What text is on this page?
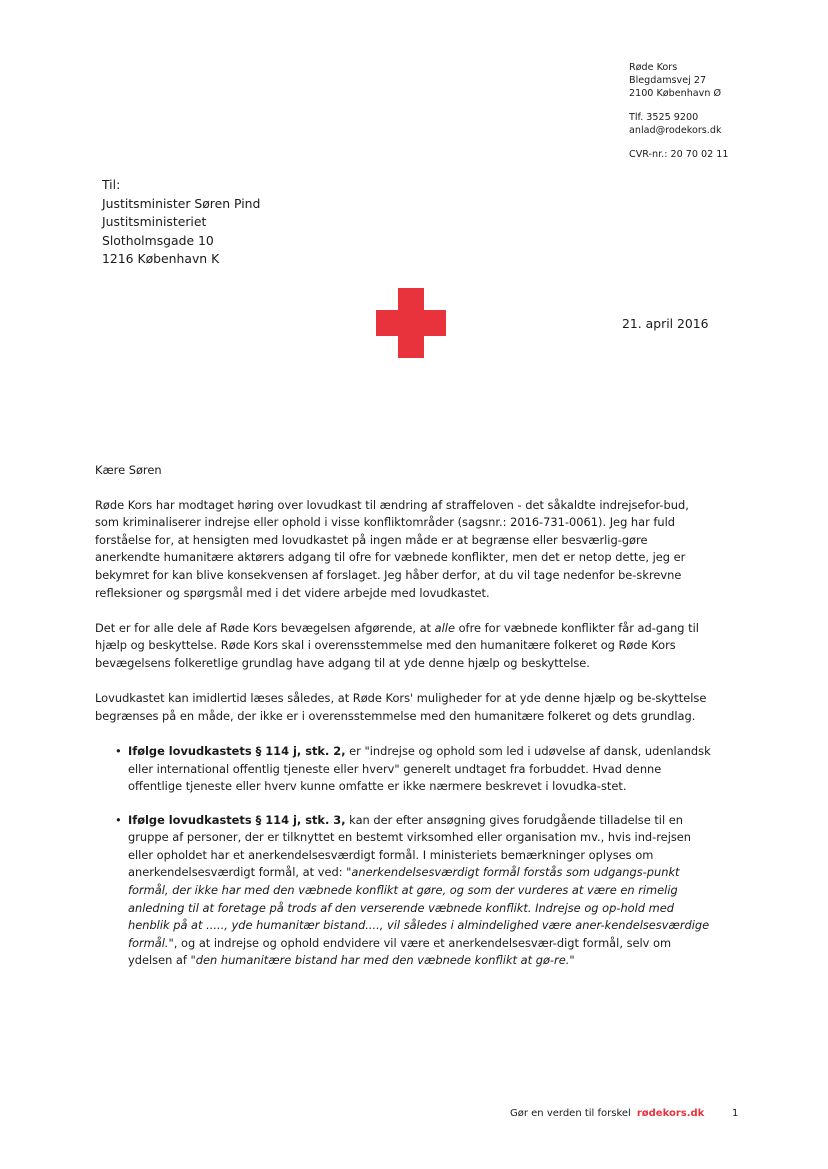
Røde Kors
Blegdamsvej 27
2100 København Ø
Tlf. 3525 9200
anlad@rodekors.dk
CVR-nr.: 20 70 02 11
Til:
Justitsminister Søren Pind
Justitsministeriet
Slotholmsgade 10
1216 København K
21. april 2016

Kære Søren

Røde Kors har modtaget høring over lovudkast til ændring af straffeloven - det såkaldte indrejsefor-bud, som kriminaliserer indrejse eller ophold i visse konfliktområder (sagsnr.: 2016-731-0061). Jeg har fuld forståelse for, at hensigten med lovudkastet på ingen måde er at begrænse eller besværlig-gøre anerkendte humanitære aktørers adgang til ofre for væbnede konflikter, men det er netop dette, jeg er bekymret for kan blive konsekvensen af forslaget. Jeg håber derfor, at du vil tage nedenfor be-skrevne refleksioner og spørgsmål med i det videre arbejde med lovudkastet.

Det er for alle dele af Røde Kors bevægelsen afgørende, at alle ofre for væbnede konflikter får ad-gang til hjælp og beskyttelse. Røde Kors skal i overensstemmelse med den humanitære folkeret og Røde Kors bevægelsens folkeretlige grundlag have adgang til at yde denne hjælp og beskyttelse.

Lovudkastet kan imidlertid læses således, at Røde Kors' muligheder for at yde denne hjælp og be-skyttelse begrænses på en måde, der ikke er i overensstemmelse med den humanitære folkeret og dets grundlag.

• Ifølge lovudkastets § 114 j, stk. 2, er "indrejse og ophold som led i udøvelse af dansk, udenlandsk eller international offentlig tjeneste eller hverv" generelt undtaget fra forbuddet. Hvad denne offentlige tjeneste eller hverv kunne omfatte er ikke nærmere beskrevet i lovudka-stet.
• Ifølge lovudkastets § 114 j, stk. 3, kan der efter ansøgning gives forudgående tilladelse til en gruppe af personer, der er tilknyttet en bestemt virksomhed eller organisation mv., hvis ind-rejsen eller opholdet har et anerkendelsesværdigt formål. I ministeriets bemærkninger oplyses om anerkendelsesværdigt formål, at ved: "anerkendelsesværdigt formål forstås som udgangs-punkt formål, der ikke har med den væbnede konflikt at gøre, og som der vurderes at være en rimelig anledning til at foretage på trods af den verserende væbnede konflikt. Indrejse og op-hold med henblik på at ....., yde humanitær bistand...., vil således i almindelighed være aner-kendelsesværdige formål.", og at indrejse og ophold endvidere vil være et anerkendelsesvær-digt formål, selv om ydelsen af "den humanitære bistand har med den væbnede konflikt at gø-re."
Gør en verden til forskel rødekors.dk	1
